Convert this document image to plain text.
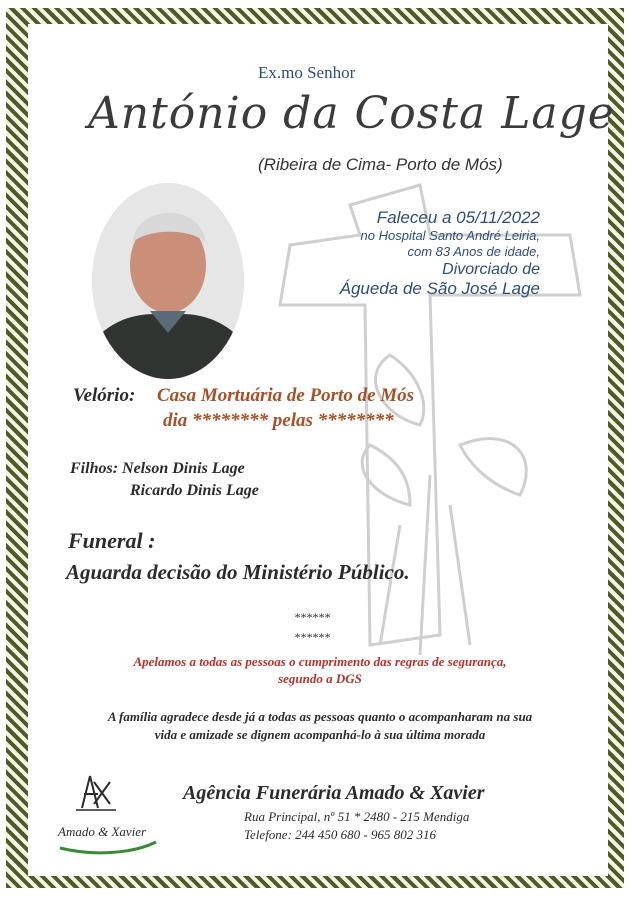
Ex.mo Senhor
António da Costa Lage
(Ribeira de Cima- Porto de Mós)
Faleceu a 05/11/2022
no Hospital Santo André Leiria,
com 83 Anos de idade,
Divorciado de
Águeda de São José Lage
Velório: Casa Mortuária de Porto de Mós
dia ******** pelas ********
Filhos: Nelson Dinis Lage
Ricardo Dinis Lage
Funeral :
Aguarda decisão do Ministério Público.
******
******
Apelamos a todas as pessoas o cumprimento das regras de segurança,
segundo a DGS
A família agradece desde já a todas as pessoas quanto o acompanharam na sua
vida e amizade se dignem acompanhá-lo à sua última morada
Amado & Xavier
Agência Funerária Amado & Xavier
Rua Principal, nº 51 * 2480 - 215 Mendiga
Telefone: 244 450 680 - 965 802 316
